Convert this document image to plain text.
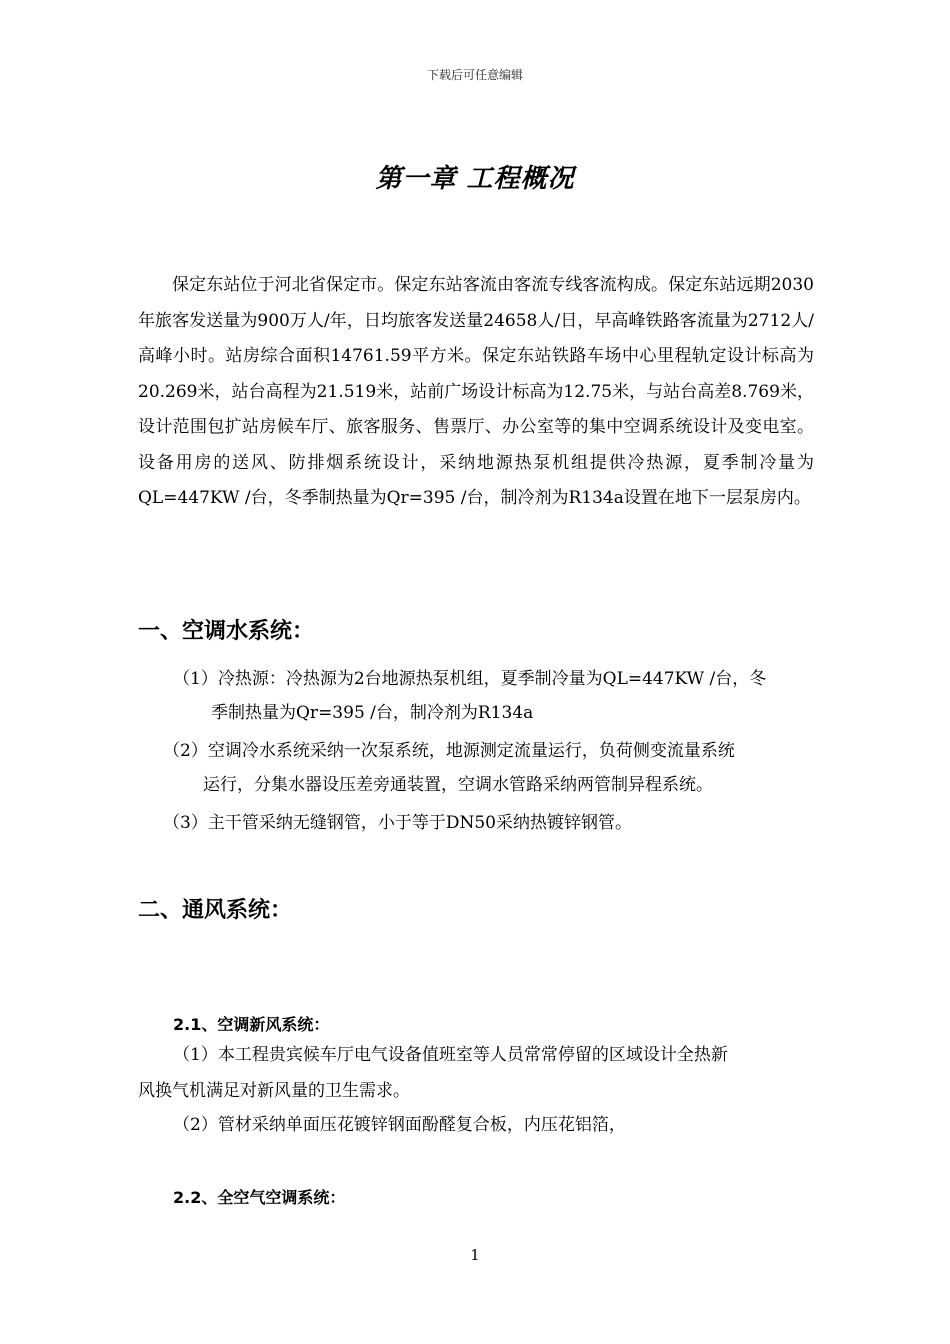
下载后可任意编辑
第一章 工程概况

保定东站位于河北省保定市。保定东站客流由客流专线客流构成。保定东站远期2030年旅客发送量为900万人/年，日均旅客发送量24658人/日，早高峰铁路客流量为2712人/高峰小时。站房综合面积14761.59平方米。保定东站铁路车场中心里程轨定设计标高为20.269米，站台高程为21.519米，站前广场设计标高为12.75米，与站台高差8.769米，设计范围包扩站房候车厅、旅客服务、售票厅、办公室等的集中空调系统设计及变电室。设备用房的送风、防排烟系统设计，采纳地源热泵机组提供冷热源，夏季制冷量为QL=447KW /台，冬季制热量为Qr=395 /台，制冷剂为R134a设置在地下一层泵房内。

一、空调水系统：
（1）冷热源：冷热源为2台地源热泵机组，夏季制冷量为QL=447KW /台，冬
季制热量为Qr=395 /台，制冷剂为R134a
（2）空调冷水系统采纳一次泵系统，地源测定流量运行，负荷侧变流量系统
运行，分集水器设压差旁通装置，空调水管路采纳两管制异程系统。
（3）主干管采纳无缝钢管，小于等于DN50采纳热镀锌钢管。
二、通风系统：
2.1、空调新风系统：
（1）本工程贵宾候车厅电气设备值班室等人员常常停留的区域设计全热新
风换气机满足对新风量的卫生需求。
（2）管材采纳单面压花镀锌钢面酚醛复合板，内压花铝箔，
2.2、全空气空调系统：
1
